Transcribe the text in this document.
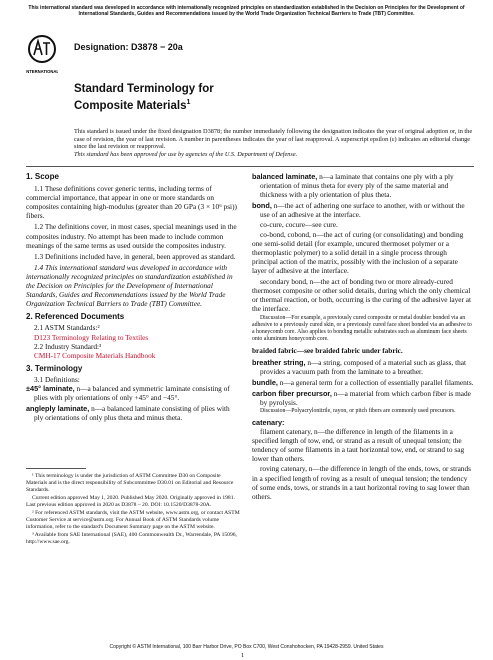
This international standard was developed in accordance with internationally recognized principles on standardization established in the Decision on Principles for the Development of International Standards, Guides and Recommendations issued by the World Trade Organization Technical Barriers to Trade (TBT) Committee.
INTERNATIONAL
Designation: D3878 − 20a
Standard Terminology for
Composite Materials$^1$
This standard is issued under the fixed designation D3878; the number immediately following the designation indicates the year of original adoption or, in the case of revision, the year of last revision. A number in parentheses indicates the year of last reapproval. A superscript epsilon (ε) indicates an editorial change since the last revision or reapproval.
This standard has been approved for use by agencies of the U.S. Department of Defense.

1. Scope

1.1 These definitions cover generic terms, including terms of commercial importance, that appear in one or more standards on composites containing high-modulus (greater than 20 GPa (3 × 10⁶ psi)) fibers.

1.2 The definitions cover, in most cases, special meanings used in the composites industry. No attempt has been made to include common meanings of the same terms as used outside the composites industry.

1.3 Definitions included have, in general, been approved as standard.

1.4 This international standard was developed in accordance with internationally recognized principles on standardization established in the Decision on Principles for the Development of International Standards, Guides and Recommendations issued by the World Trade Organization Technical Barriers to Trade (TBT) Committee.

2. Referenced Documents

2.1 ASTM Standards:²

D123 Terminology Relating to Textiles

2.2 Industry Standard:³

CMH-17 Composite Materials Handbook

3. Terminology

3.1 Definitions:

±45° laminate, n—a balanced and symmetric laminate consisting of plies with ply orientations of only +45° and −45°.

angleply laminate, n—a balanced laminate consisting of plies with ply orientations of only plus theta and minus theta.

¹ This terminology is under the jurisdiction of ASTM Committee D30 on Composite Materials and is the direct responsibility of Subcommittee D30.01 on Editorial and Resource Standards.

Current edition approved May 1, 2020. Published May 2020. Originally approved in 1981. Last previous edition approved in 2020 as D3878 – 20. DOI: 10.1520/D3878-20A.

² For referenced ASTM standards, visit the ASTM website, www.astm.org, or contact ASTM Customer Service at service@astm.org. For Annual Book of ASTM Standards volume information, refer to the standard's Document Summary page on the ASTM website.

³ Available from SAE International (SAE), 400 Commonwealth Dr., Warrendale, PA 15096, http://www.sae.org.

balanced laminate, n—a laminate that contains one ply with a ply orientation of minus theta for every ply of the same material and thickness with a ply orientation of plus theta.

bond, n—the act of adhering one surface to another, with or without the use of an adhesive at the interface.

co-cure, cocure—see cure.

co-bond, cobond, n—the act of curing (or consolidating) and bonding one semi-solid detail (for example, uncured thermoset polymer or a thermoplastic polymer) to a solid detail in a single process through principal action of the matrix, possibly with the inclusion of a separate layer of adhesive at the interface.

secondary bond, n—the act of bonding two or more already-cured thermoset composite or other solid details, during which the only chemical or thermal reaction, or both, occurring is the curing of the adhesive layer at the interface.

Discussion—For example, a previously cured composite or metal doubler bonded via an adhesive to a previously cured skin, or a previously cured face sheet bonded via an adhesive to a honeycomb core. Also applies to bonding metallic substrates such as aluminum face sheets onto aluminum honeycomb core.

braided fabric—see braided fabric under fabric.

breather string, n—a string, composed of a material such as glass, that provides a vacuum path from the laminate to a breather.

bundle, n—a general term for a collection of essentially parallel filaments.

carbon fiber precursor, n—a material from which carbon fiber is made by pyrolysis.

Discussion—Polyacrylonitrile, rayon, or pitch fibers are commonly used precursors.

catenary:

filament catenary, n—the difference in length of the filaments in a specified length of tow, end, or strand as a result of unequal tension; the tendency of some filaments in a taut horizontal tow, end, or strand to sag lower than others.

roving catenary, n—the difference in length of the ends, tows, or strands in a specified length of roving as a result of unequal tension; the tendency of some ends, tows, or strands in a taut horizontal roving to sag lower than others.

Copyright © ASTM International, 100 Barr Harbor Drive, PO Box C700, West Conshohocken, PA 19428-2959. United States
1
